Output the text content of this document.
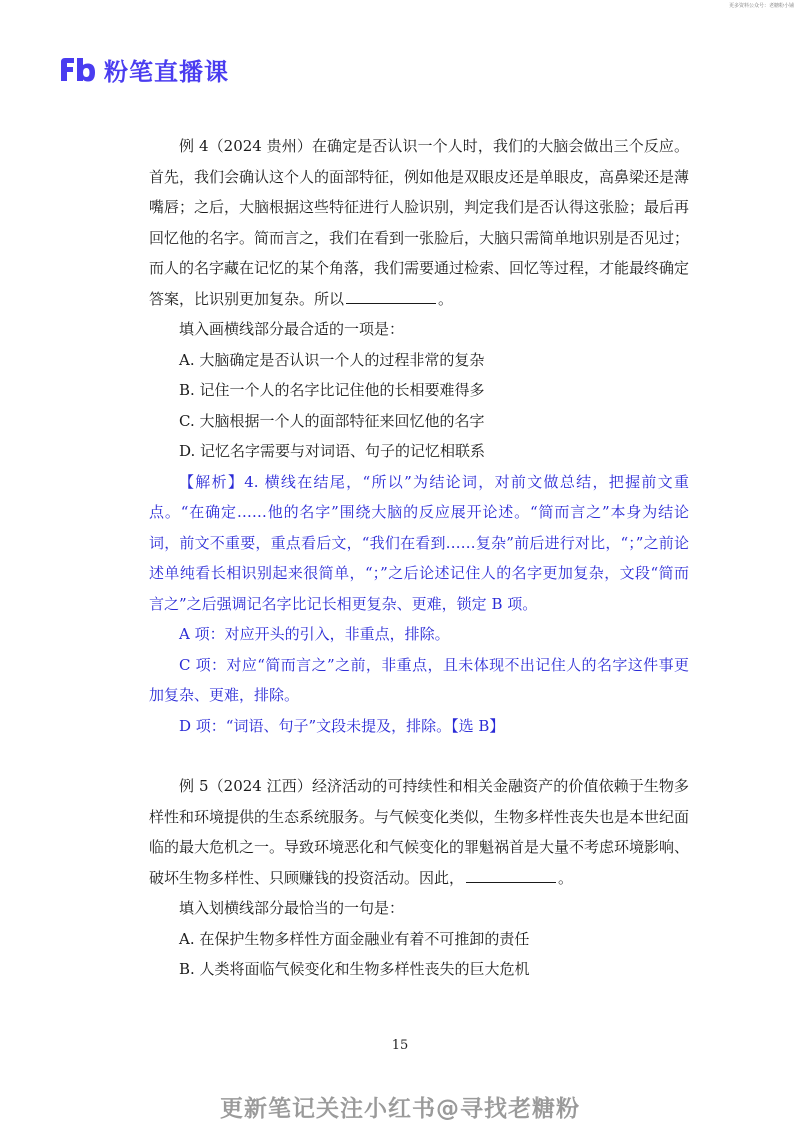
更多资料公众号：老糖粉小铺
粉笔直播课

例 4（2024 贵州）在确定是否认识一个人时，我们的大脑会做出三个反应。首先，我们会确认这个人的面部特征，例如他是双眼皮还是单眼皮，高鼻梁还是薄嘴唇；之后，大脑根据这些特征进行人脸识别，判定我们是否认得这张脸；最后再回忆他的名字。简而言之，我们在看到一张脸后，大脑只需简单地识别是否见过；而人的名字藏在记忆的某个角落，我们需要通过检索、回忆等过程，才能最终确定答案，比识别更加复杂。所以	。

填入画横线部分最合适的一项是：

A. 大脑确定是否认识一个人的过程非常的复杂

B. 记住一个人的名字比记住他的长相要难得多

C. 大脑根据一个人的面部特征来回忆他的名字

D. 记忆名字需要与对词语、句子的记忆相联系

【解析】4. 横线在结尾，“所以”为结论词，对前文做总结，把握前文重点。“在确定……他的名字”围绕大脑的反应展开论述。“简而言之”本身为结论词，前文不重要，重点看后文，“我们在看到……复杂”前后进行对比，“；”之前论述单纯看长相识别起来很简单，“；”之后论述记住人的名字更加复杂，文段“简而言之”之后强调记名字比记长相更复杂、更难，锁定 B 项。

A 项：对应开头的引入，非重点，排除。

C 项：对应“简而言之”之前，非重点，且未体现不出记住人的名字这件事更加复杂、更难，排除。

D 项：“词语、句子”文段未提及，排除。【选 B】

例 5（2024 江西）经济活动的可持续性和相关金融资产的价值依赖于生物多样性和环境提供的生态系统服务。与气候变化类似，生物多样性丧失也是本世纪面临的最大危机之一。导致环境恶化和气候变化的罪魁祸首是大量不考虑环境影响、破坏生物多样性、只顾赚钱的投资活动。因此，	。

填入划横线部分最恰当的一句是：

A. 在保护生物多样性方面金融业有着不可推卸的责任

B. 人类将面临气候变化和生物多样性丧失的巨大危机

15
更新笔记关注小红书@寻找老糖粉
